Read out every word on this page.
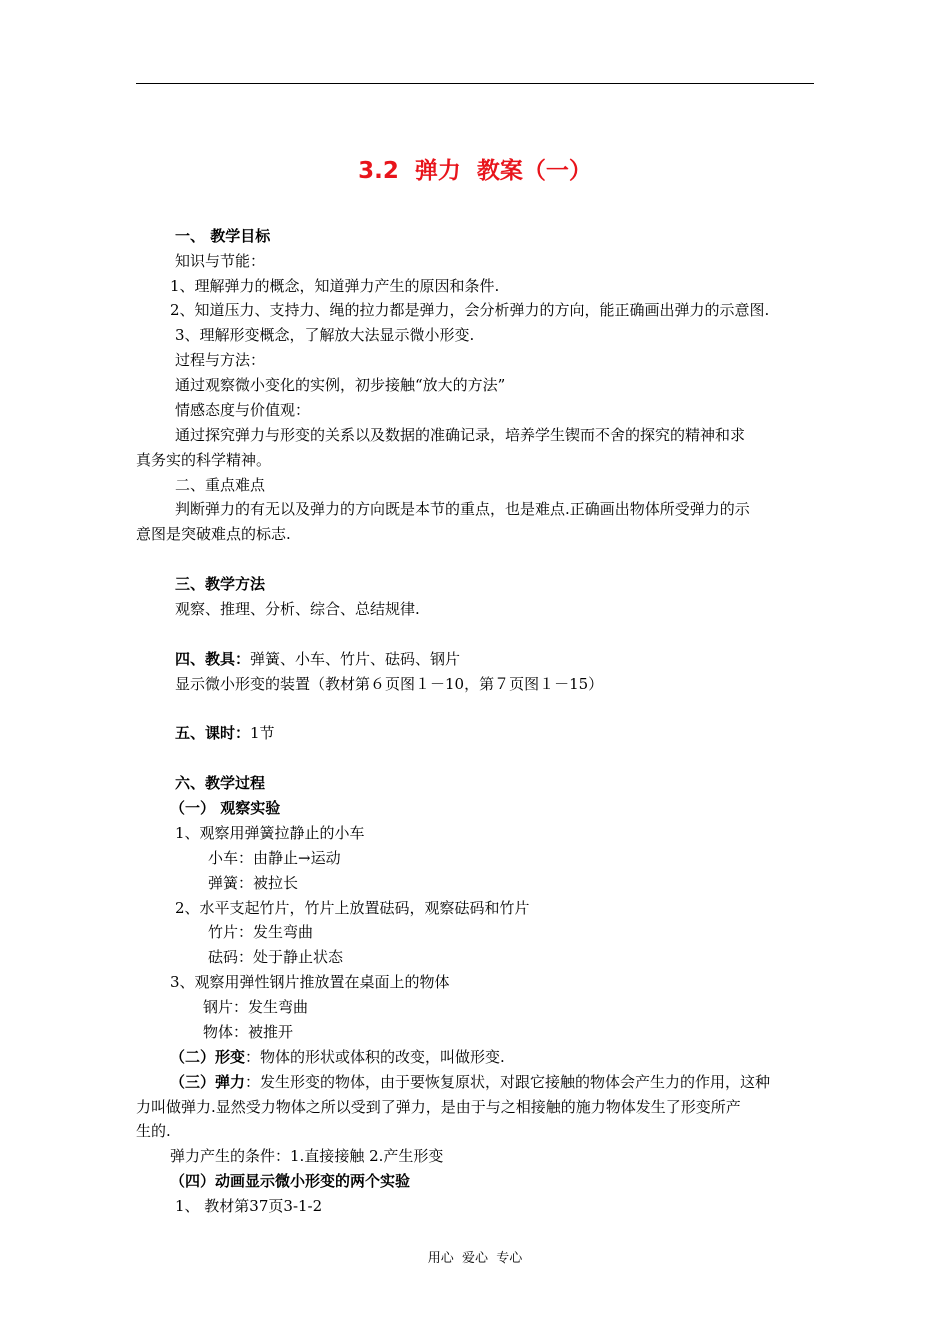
3.2  弹力  教案（一）
一、 教学目标
知识与节能：
1、理解弹力的概念，知道弹力产生的原因和条件.
2、知道压力、支持力、绳的拉力都是弹力，会分析弹力的方向，能正确画出弹力的示意图.
3、理解形变概念，了解放大法显示微小形变.
过程与方法：
通过观察微小变化的实例，初步接触“放大的方法”
情感态度与价值观：
通过探究弹力与形变的关系以及数据的准确记录，培养学生锲而不舍的探究的精神和求
真务实的科学精神。
二、重点难点
判断弹力的有无以及弹力的方向既是本节的重点，也是难点.正确画出物体所受弹力的示
意图是突破难点的标志.
三、教学方法
观察、推理、分析、综合、总结规律.
四、教具：弹簧、小车、竹片、砝码、钢片
显示微小形变的装置（教材第６页图１－10，第７页图１－15）
五、课时：1节
六、教学过程
（一） 观察实验
1、观察用弹簧拉静止的小车
小车：由静止→运动
弹簧：被拉长
2、水平支起竹片，竹片上放置砝码，观察砝码和竹片
竹片：发生弯曲
砝码：处于静止状态
3、观察用弹性钢片推放置在桌面上的物体
钢片：发生弯曲
物体：被推开
（二）形变：物体的形状或体积的改变，叫做形变.
（三）弹力：发生形变的物体，由于要恢复原状，对跟它接触的物体会产生力的作用，这种
力叫做弹力.显然受力物体之所以受到了弹力，是由于与之相接触的施力物体发生了形变所产
生的.
弹力产生的条件：1.直接接触 2.产生形变
（四）动画显示微小形变的两个实验
1、 教材第37页3-1-2
用心  爱心  专心
